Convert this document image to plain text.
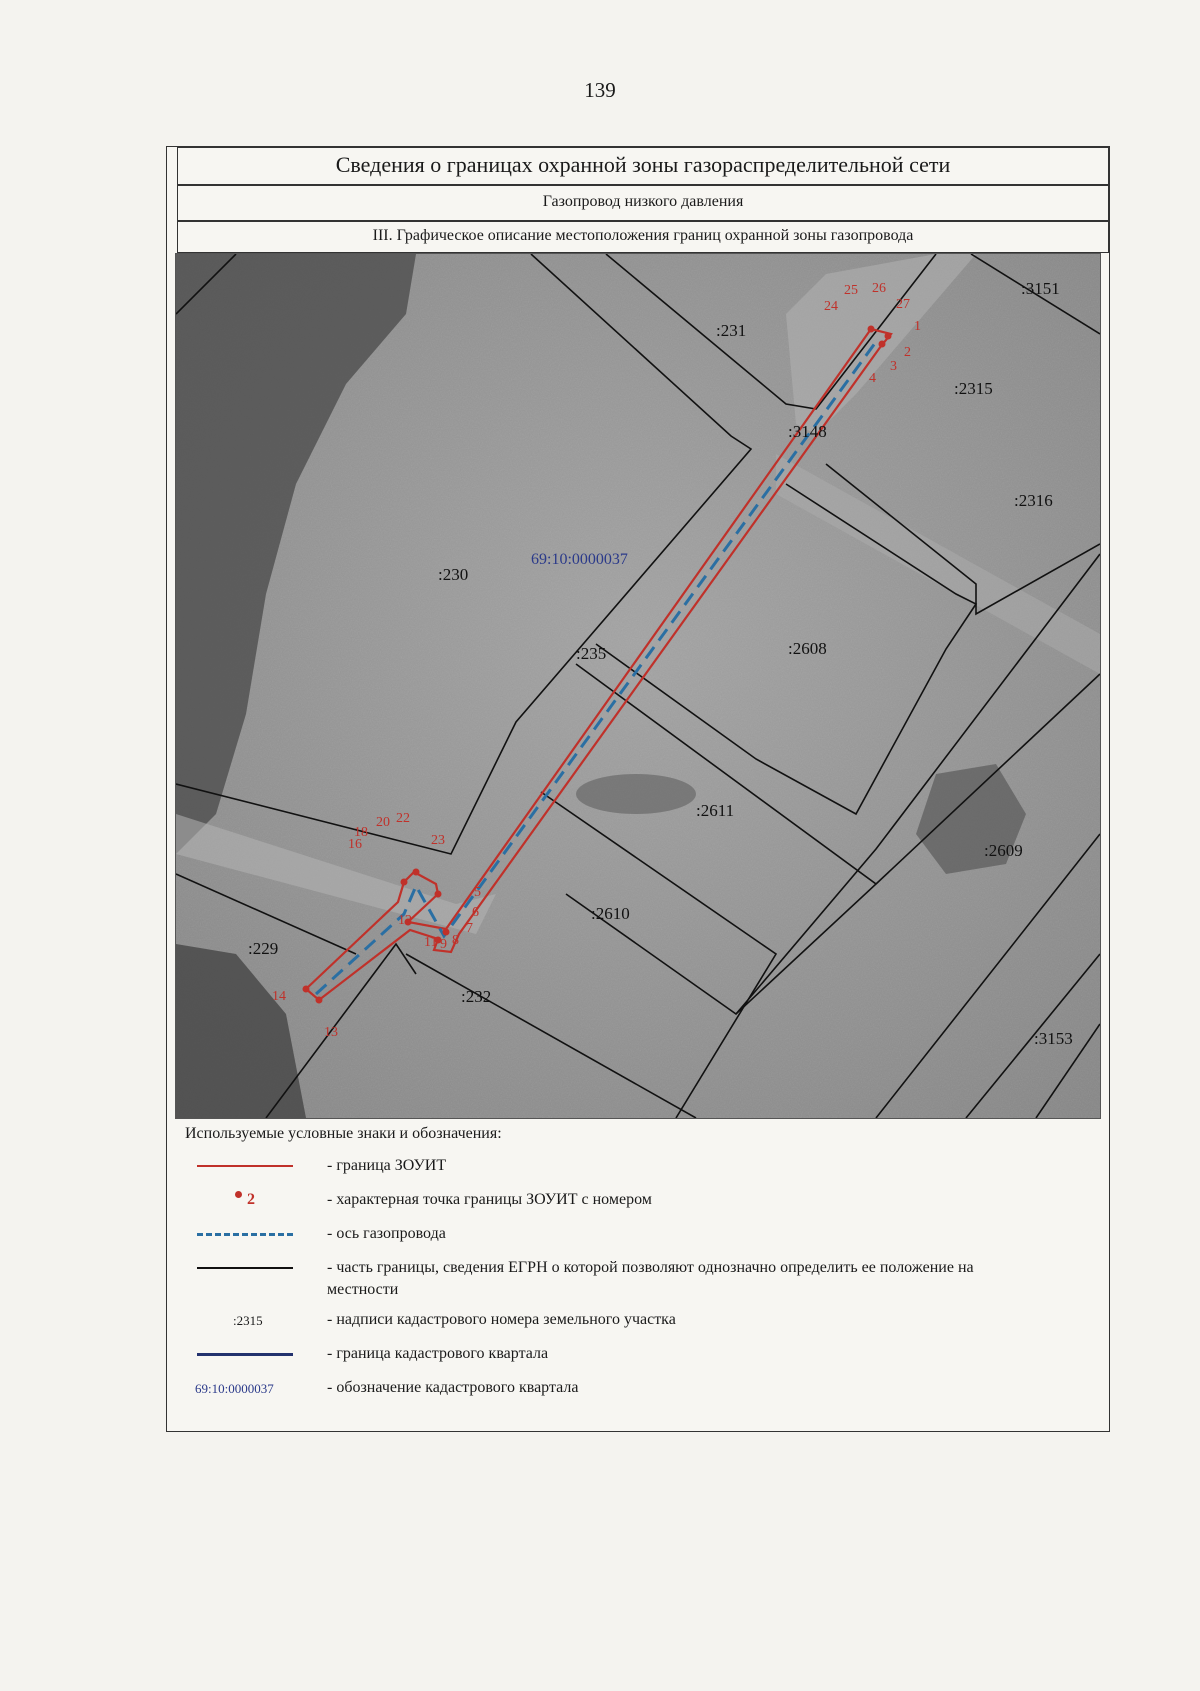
139
Сведения о границах охранной зоны газораспределительной сети
Газопровод низкого давления
III. Графическое описание местоположения границ охранной зоны газопровода
:230
:231
:3151
:2315
:3148
:2316
:235	:2608
:2611
:2609
:2610
:229
:232
:3153
69:10:0000037
1
2
3
4
5
6
7
8
9
11
12
13
14
16
18
20 22
23
24
25 26
27
Используемые условные знаки и обозначения:
- граница ЗОУИТ
2	- характерная точка границы ЗОУИТ с номером
- ось газопровода
- часть границы, сведения ЕГРН о которой позволяют однозначно определить ее положение на местности
:2315	- надписи кадастрового номера земельного участка
- граница кадастрового квартала
69:10:0000037	- обозначение кадастрового квартала
